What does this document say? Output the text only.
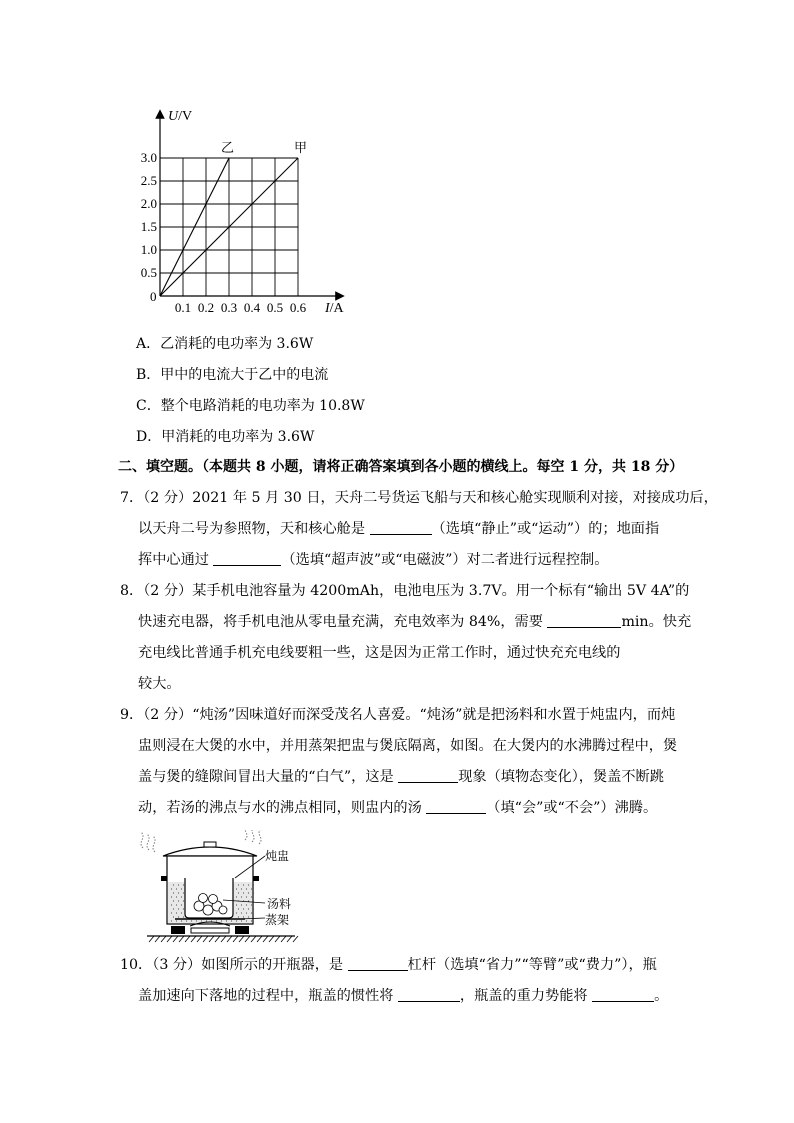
乙	甲
0.1 0.2 0.3 0.4 0.5 0.6
0.5
1.0
1.5
2.0
2.5
3.0
0
U/V
I/A
A．乙消耗的电功率为 3.6W
B．甲中的电流大于乙中的电流
C．整个电路消耗的电功率为 10.8W
D．甲消耗的电功率为 3.6W
二、填空题。（本题共 8 小题，请将正确答案填到各小题的横线上。每空 1 分，共 18 分）
7．（2 分）2021 年 5 月 30 日，天舟二号货运飞船与天和核心舱实现顺利对接，对接成功后，
以天舟二号为参照物，天和核心舱是	（选填“静止”或“运动”）的；地面指
挥中心通过	（选填“超声波”或“电磁波”）对二者进行远程控制。
8．（2 分）某手机电池容量为 4200mAh，电池电压为 3.7V。用一个标有“输出 5V 4A”的
快速充电器，将手机电池从零电量充满，充电效率为 84%，需要	min。快充
充电线比普通手机充电线要粗一些，这是因为正常工作时，通过快充充电线的
较大。
9．（2 分）“炖汤”因味道好而深受茂名人喜爱。“炖汤”就是把汤料和水置于炖盅内，而炖
盅则浸在大煲的水中，并用蒸架把盅与煲底隔离，如图。在大煲内的水沸腾过程中，煲
盖与煲的缝隙间冒出大量的“白气”，这是	现象（填物态变化），煲盖不断跳
动，若汤的沸点与水的沸点相同，则盅内的汤	（填“会”或“不会”）沸腾。
炖盅
汤料
蒸架
10．（3 分）如图所示的开瓶器，是	杠杆（选填“省力”“等臂”或“费力”），瓶
盖加速向下落地的过程中，瓶盖的惯性将	，瓶盖的重力势能将	。
